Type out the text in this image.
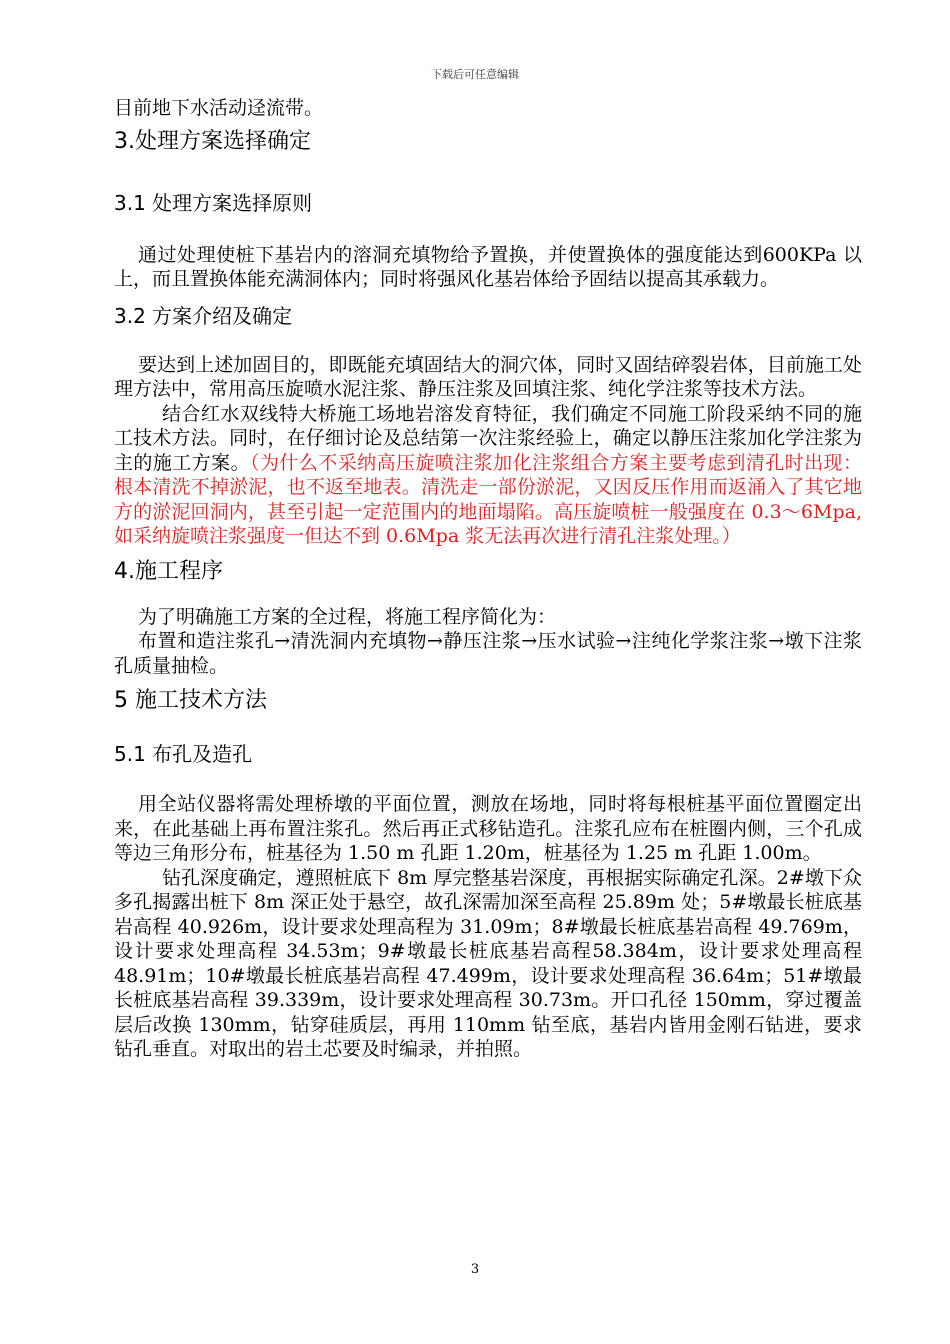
下载后可任意编辑

目前地下水活动迳流带。

3.处理方案选择确定

3.1 处理方案选择原则

通过处理使桩下基岩内的溶洞充填物给予置换，并使置换体的强度能达到600KPa 以上，而且置换体能充满洞体内；同时将强风化基岩体给予固结以提高其承载力。

3.2 方案介绍及确定

要达到上述加固目的，即既能充填固结大的洞穴体，同时又固结碎裂岩体，目前施工处理方法中，常用高压旋喷水泥注浆、静压注浆及回填注浆、纯化学注浆等技术方法。

结合红水双线特大桥施工场地岩溶发育特征，我们确定不同施工阶段采纳不同的施工技术方法。同时，在仔细讨论及总结第一次注浆经验上，确定以静压注浆加化学注浆为主的施工方案。（为什么不采纳高压旋喷注浆加化注浆组合方案主要考虑到清孔时出现：根本清洗不掉淤泥，也不返至地表。清洗走一部份淤泥，又因反压作用而返涌入了其它地方的淤泥回洞内，甚至引起一定范围内的地面塌陷。高压旋喷桩一般强度在 0.3～6Mpa,如采纳旋喷注浆强度一但达不到 0.6Mpa 浆无法再次进行清孔注浆处理。）

4.施工程序

为了明确施工方案的全过程，将施工程序简化为：

布置和造注浆孔→清洗洞内充填物→静压注浆→压水试验→注纯化学浆注浆→墩下注浆孔质量抽检。

5 施工技术方法

5.1 布孔及造孔

用全站仪器将需处理桥墩的平面位置，测放在场地，同时将每根桩基平面位置圈定出来，在此基础上再布置注浆孔。然后再正式移钻造孔。注浆孔应布在桩圈内侧，三个孔成等边三角形分布，桩基径为 1.50 m 孔距 1.20m，桩基径为 1.25 m 孔距 1.00m。

钻孔深度确定，遵照桩底下 8m 厚完整基岩深度，再根据实际确定孔深。2#墩下众多孔揭露出桩下 8m 深正处于悬空，故孔深需加深至高程 25.89m 处；5#墩最长桩底基岩高程 40.926m，设计要求处理高程为 31.09m；8#墩最长桩底基岩高程 49.769m，设计要求处理高程 34.53m；9#墩最长桩底基岩高程58.384m，设计要求处理高程 48.91m；10#墩最长桩底基岩高程 47.499m，设计要求处理高程 36.64m；51#墩最长桩底基岩高程 39.339m，设计要求处理高程 30.73m。开口孔径 150mm，穿过覆盖层后改换 130mm，钻穿硅质层，再用 110mm 钻至底，基岩内皆用金刚石钻进，要求钻孔垂直。对取出的岩土芯要及时编录，并拍照。

3
